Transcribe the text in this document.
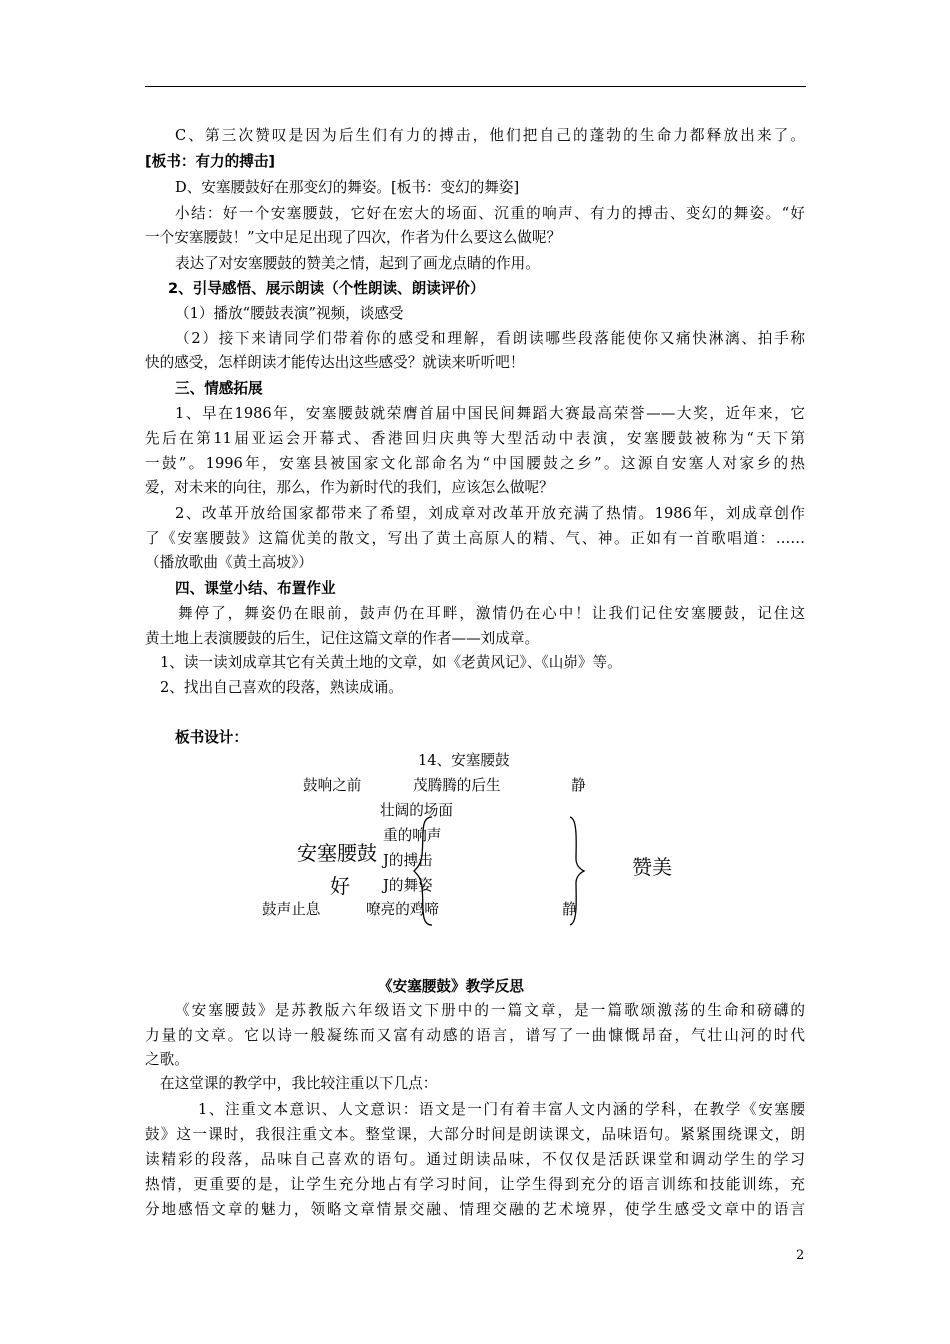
C、第三次赞叹是因为后生们有力的搏击，他们把自己的蓬勃的生命力都释放出来了。
[板书：有力的搏击]
D、安塞腰鼓好在那变幻的舞姿。[板书：变幻的舞姿]
小结：好一个安塞腰鼓，它好在宏大的场面、沉重的响声、有力的搏击、变幻的舞姿。“好
一个安塞腰鼓！”文中足足出现了四次，作者为什么要这么做呢？
表达了对安塞腰鼓的赞美之情，起到了画龙点睛的作用。
2、引导感悟、展示朗读（个性朗读、朗读评价）
（1）播放“腰鼓表演”视频，谈感受
（2）接下来请同学们带着你的感受和理解，看朗读哪些段落能使你又痛快淋漓、拍手称
快的感受，怎样朗读才能传达出这些感受？就读来听听吧！
三、情感拓展
1、早在1986年，安塞腰鼓就荣膺首届中国民间舞蹈大赛最高荣誉——大奖，近年来，它
先后在第11届亚运会开幕式、香港回归庆典等大型活动中表演，安塞腰鼓被称为“天下第
一鼓”。1996年，安塞县被国家文化部命名为“中国腰鼓之乡”。这源自安塞人对家乡的热
爱，对未来的向往，那么，作为新时代的我们，应该怎么做呢？
2、改革开放给国家都带来了希望，刘成章对改革开放充满了热情。1986年，刘成章创作
了《安塞腰鼓》这篇优美的散文，写出了黄土高原人的精、气、神。正如有一首歌唱道：……
（播放歌曲《黄土高坡》）
四、课堂小结、布置作业
舞停了，舞姿仍在眼前，鼓声仍在耳畔，激情仍在心中！让我们记住安塞腰鼓，记住这
黄土地上表演腰鼓的后生，记住这篇文章的作者——刘成章。
1、读一读刘成章其它有关黄土地的文章，如《老黄风记》、《山峁》等。
2、找出自己喜欢的段落，熟读成诵。
板书设计：
14、安塞腰鼓
鼓响之前	茂腾腾的后生	静
壮阔的场面
重的响声
J的搏击
J的舞姿
嘹亮的鸡啼
安塞腰鼓
好
鼓声止息	静
赞美
《安塞腰鼓》教学反思
《安塞腰鼓》是苏教版六年级语文下册中的一篇文章，是一篇歌颂激荡的生命和磅礴的
力量的文章。它以诗一般凝练而又富有动感的语言，谱写了一曲慷慨昂奋，气壮山河的时代
之歌。
在这堂课的教学中，我比较注重以下几点：
1、注重文本意识、人文意识：语文是一门有着丰富人文内涵的学科，在教学《安塞腰
鼓》这一课时，我很注重文本。整堂课，大部分时间是朗读课文，品味语句。紧紧围绕课文，朗
读精彩的段落，品味自己喜欢的语句。通过朗读品味，不仅仅是活跃课堂和调动学生的学习
热情，更重要的是，让学生充分地占有学习时间，让学生得到充分的语言训练和技能训练，充
分地感悟文章的魅力，领略文章情景交融、情理交融的艺术境界，使学生感受文章中的语言
2
